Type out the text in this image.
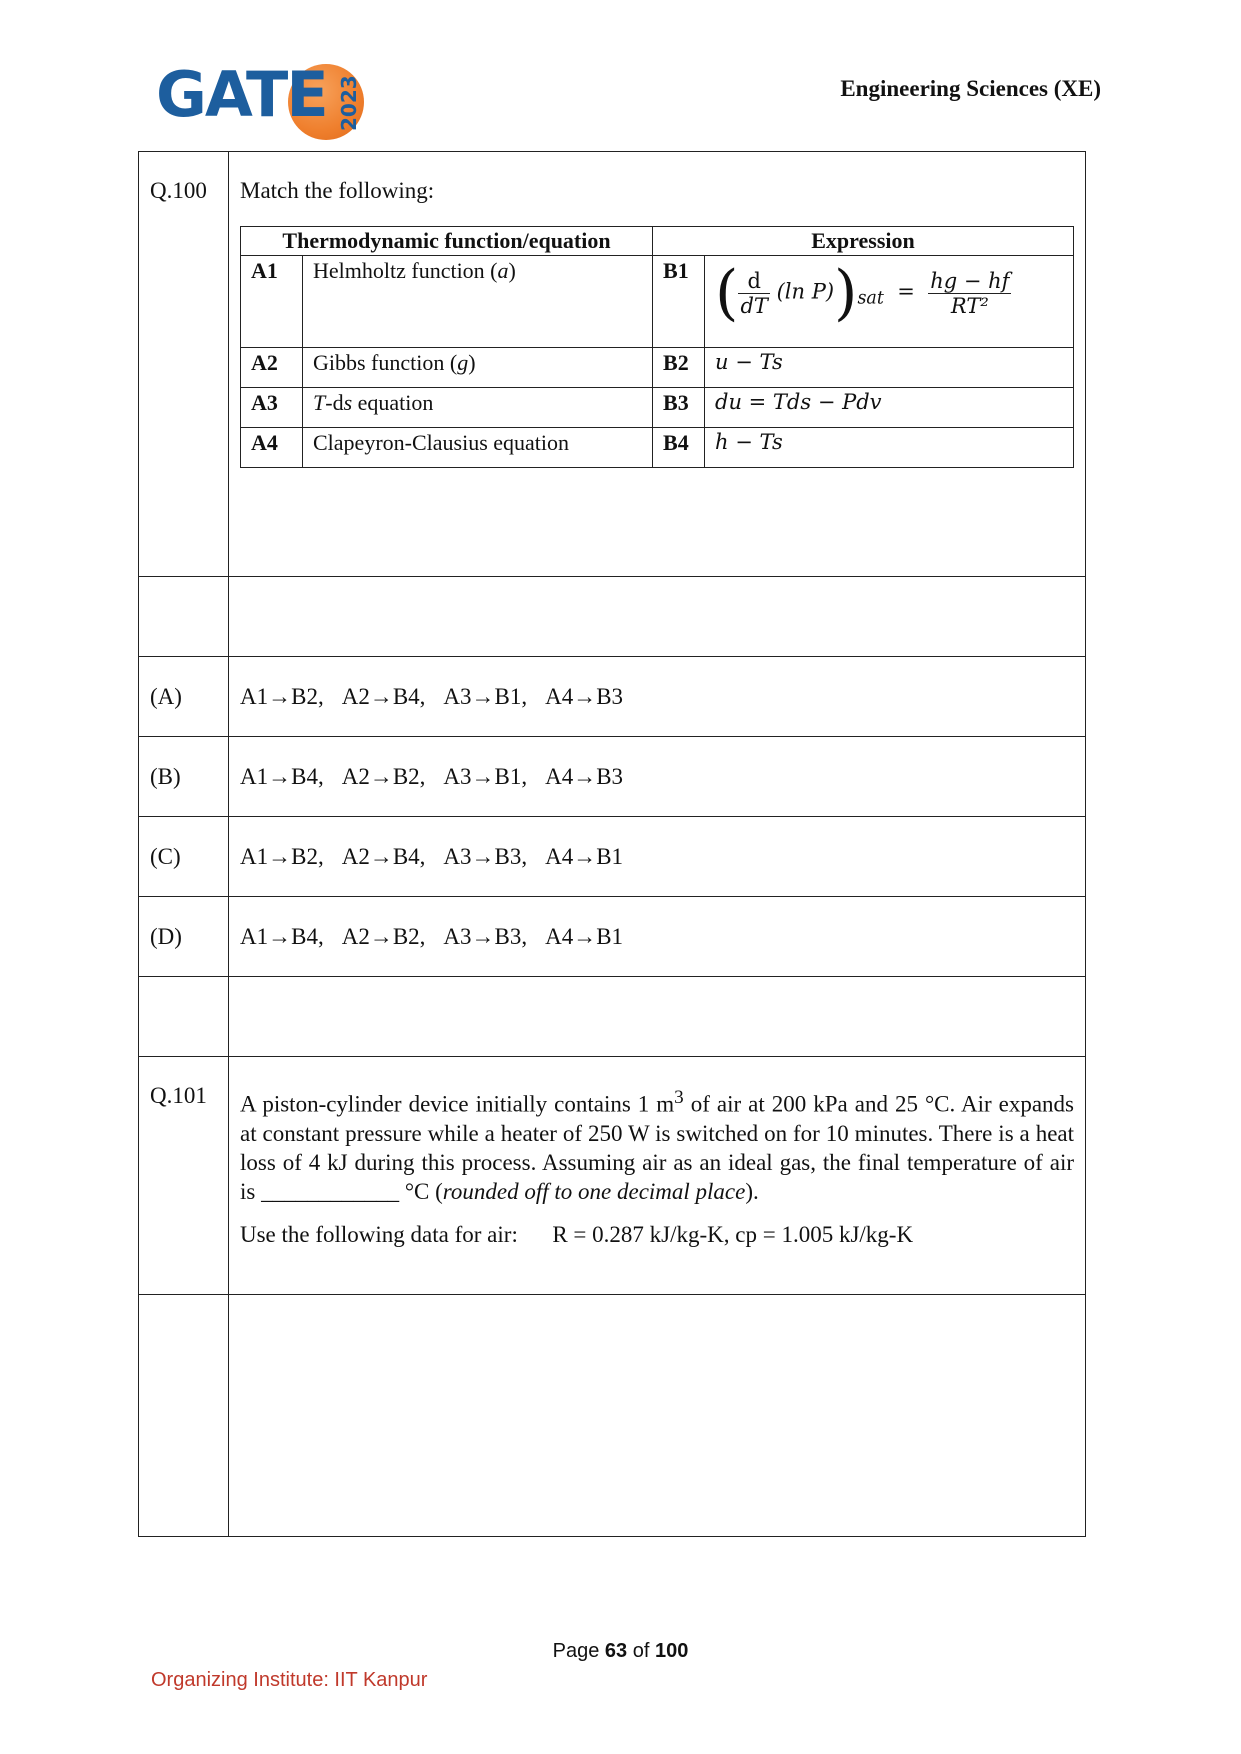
GATE 2023	Engineering Sciences (XE)
Q.100	Match the following:
Thermodynamic function/equation	Expression
A1	Helmholtz function (a)	B1	( $\frac{d}{dT} (\ln$ $P))_{sat} = \frac{hg - hf}{\text{RT²}}$

A2	Gibbs function (g)	B2	u − Ts
A3	T-ds equation	B3	du = Tds − Pdv
A4	Clapeyron-Clausius equation	B4	h − Ts

(A)	A1→B2, A2→B4, A3→B1, A4→B3
(B)	A1→B4, A2→B2, A3→B1, A4→B3
(C)	A1→B2, A2→B4, A3→B3, A4→B1
(D)	A1→B4, A2→B2, A3→B3, A4→B1

Q.101	A piston-cylinder device initially contains 1 $m^3$ of air at 200 kPa and 25 °C. Air expands at constant pressure while a heater of 250 W is switched on for 10 minutes. There is a heat loss of 4 kJ during this process. Assuming air as an ideal gas, the final temperature of air is ____________ °C (rounded off to one decimal place).
Use the following data for air: R = 0.287 kJ/kg-K, cp = 1.005 kJ/kg-K

Page 63 of 100
Organizing Institute: IIT Kanpur
